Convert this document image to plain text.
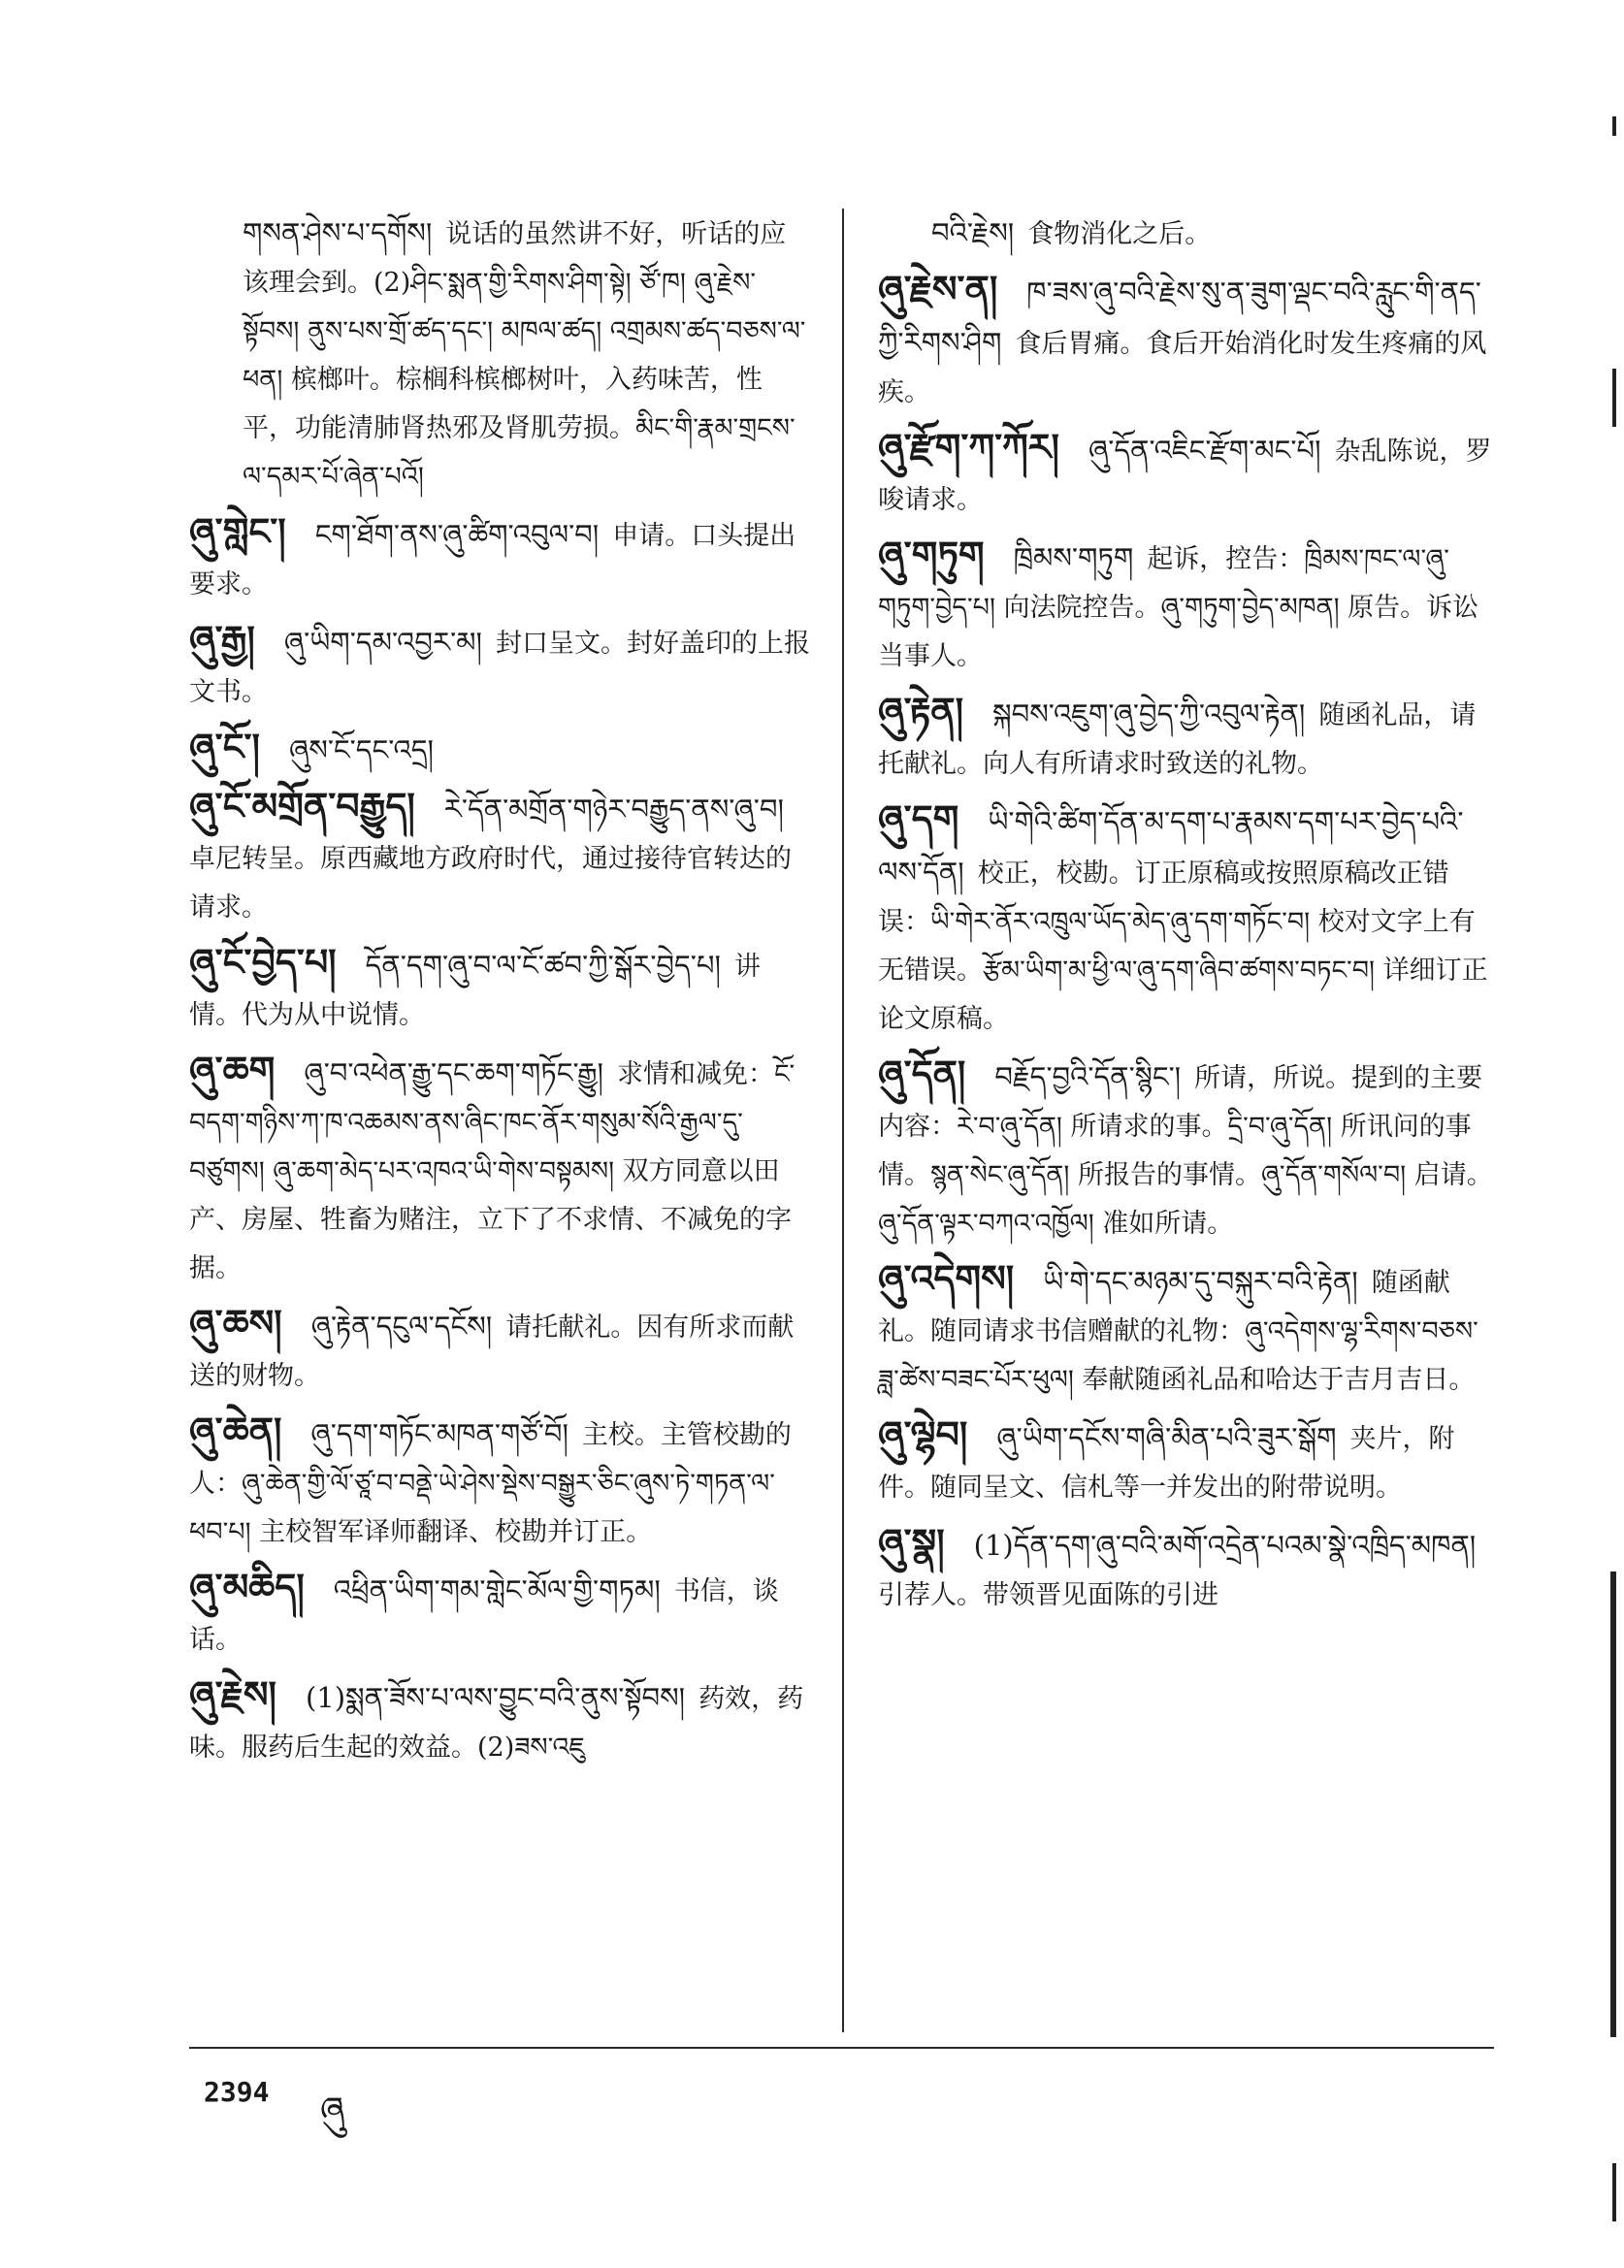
གསན་ཤེས་པ་དགོས། 说话的虽然讲不好，听话的应该理会到。(2)ཤིང་སྨན་གྱི་རིགས་ཤིག་སྟེ། ཙོ་ཁ། ཞུ་རྗེས་སྟོབས། ནུས་པས་གྲོ་ཚད་དང་། མཁལ་ཚད། འགྲམས་ཚད་བཅས་ལ་ཕན། 槟榔叶。棕榈科槟榔树叶，入药味苦，性平，功能清肺肾热邪及肾肌劳损。མིང་གི་རྣམ་གྲངས་ལ་དམར་པོ་ཞེན་པའོ།
ཞུ་གླེང་། ངག་ཐོག་ནས་ཞུ་ཚིག་འབུལ་བ། 申请。口头提出要求。
ཞུ་རྒྱ། ཞུ་ཡིག་དམ་འབྱར་མ། 封口呈文。封好盖印的上报文书。
ཞུ་ངོ་། ཞུས་ངོ་དང་འདྲ།
ཞུ་ངོ་མགྲོན་བརྒྱུད། རེ་དོན་མགྲོན་གཉེར་བརྒྱུད་ནས་ཞུ་བ།卓尼转呈。原西藏地方政府时代，通过接待官转达的请求。
ཞུ་ངོ་བྱེད་པ། དོན་དག་ཞུ་བ་ལ་ངོ་ཚབ་ཀྱི་སྒོར་བྱེད་པ། 讲情。代为从中说情。
ཞུ་ཆག ཞུ་བ་འཕེན་རྒྱུ་དང་ཆག་གཏོང་རྒྱུ། 求情和减免：ངོ་བདག་གཉིས་ཀ་ཁ་འཆམས་ནས་ཞིང་ཁང་ནོར་གསུམ་སོའི་རྒྱལ་དུ་བཙུགས། ཞུ་ཆག་མེད་པར་འཁའ་ཡི་གེས་བསྟམས། 双方同意以田产、房屋、牲畜为赌注，立下了不求情、不减免的字据。
ཞུ་ཆས། ཞུ་རྟེན་དངུལ་དངོས། 请托献礼。因有所求而献送的财物。
ཞུ་ཆེན། ཞུ་དག་གཏོང་མཁན་གཙོ་བོ། 主校。主管校勘的人：ཞུ་ཆེན་གྱི་ལོ་ཙཱ་བ་བནྡེ་ཡེ་ཤེས་སྡེས་བསྒྱུར་ཅིང་ཞུས་ཏེ་གཏན་ལ་ཕབ་པ། 主校智军译师翻译、校勘并订正。
ཞུ་མཆིད། འཕྲིན་ཡིག་གམ་གླེང་མོལ་གྱི་གཏམ། 书信，谈话。
ཞུ་རྗེས། (1)སྨན་ཟོས་པ་ལས་བྱུང་བའི་ནུས་སྟོབས། 药效，药味。服药后生起的效益。(2)ཟས་འཇུ
བའི་རྗེས། 食物消化之后。
ཞུ་རྗེས་ན། ཁ་ཟས་ཞུ་བའི་རྗེས་སུ་ན་ཟུག་ལྡང་བའི་རླུང་གི་ནད་ཀྱི་རིགས་ཤིག 食后胃痛。食后开始消化时发生疼痛的风疾。
ཞུ་རྫོག་ཀ་ཀོར། ཞུ་དོན་འཇིང་རྫོག་མང་པོ། 杂乱陈说，罗唆请求。
ཞུ་གཏུག ཁྲིམས་གཏུག 起诉，控告：ཁྲིམས་ཁང་ལ་ཞུ་གཏུག་བྱེད་པ། 向法院控告。ཞུ་གཏུག་བྱེད་མཁན། 原告。诉讼当事人。
ཞུ་རྟེན། སྐབས་འཇུག་ཞུ་བྱེད་ཀྱི་འབུལ་རྟེན། 随函礼品，请托献礼。向人有所请求时致送的礼物。
ཞུ་དག ཡི་གེའི་ཚིག་དོན་མ་དག་པ་རྣམས་དག་པར་བྱེད་པའི་ལས་དོན། 校正，校勘。订正原稿或按照原稿改正错误：ཡི་གེར་ནོར་འཁྲུལ་ཡོད་མེད་ཞུ་དག་གཏོང་བ། 校对文字上有无错误。རྩོམ་ཡིག་མ་ཕྱི་ལ་ཞུ་དག་ཞིབ་ཚགས་བཏང་བ། 详细订正论文原稿。
ཞུ་དོན། བརྗོད་བྱའི་དོན་སྙིང་། 所请，所说。提到的主要内容：རེ་བ་ཞུ་དོན། 所请求的事。དྲི་བ་ཞུ་དོན། 所讯问的事情。སྙན་སེང་ཞུ་དོན། 所报告的事情。ཞུ་དོན་གསོལ་བ། 启请。ཞུ་དོན་ལྟར་བཀའ་འཁྱོལ། 准如所请。
ཞུ་འདེགས། ཡི་གེ་དང་མཉམ་དུ་བསྐུར་བའི་རྟེན། 随函献礼。随同请求书信赠献的礼物：ཞུ་འདེགས་ལྷ་རིགས་བཅས་ཟླ་ཚེས་བཟང་པོར་ཕུལ། 奉献随函礼品和哈达于吉月吉日。
ཞུ་ལྷེབ། ཞུ་ཡིག་དངོས་གཞི་མིན་པའི་ཟུར་སྒོག 夹片，附件。随同呈文、信札等一并发出的附带说明。
ཞུ་སྣ། (1)དོན་དག་ཞུ་བའི་མགོ་འདྲེན་པའམ་སྣེ་འཁྲིད་མཁན།引荐人。带领晋见面陈的引进
2394 ཞུ
